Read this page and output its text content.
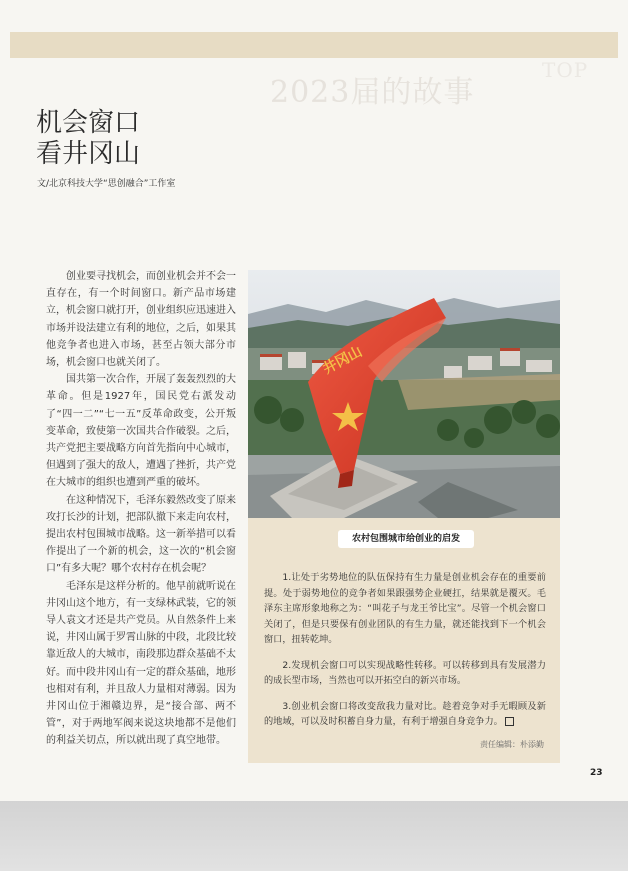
2023届的故事
TOP
机会窗口
看井冈山
文/北京科技大学“思创融合”工作室

创业要寻找机会，而创业机会并不会一直存在，有一个时间窗口。新产品市场建立，机会窗口就打开，创业组织应迅速进入市场并设法建立有利的地位，之后，如果其他竞争者也进入市场，甚至占领大部分市场，机会窗口也就关闭了。

国共第一次合作，开展了轰轰烈烈的大革命。但是1927年，国民党右派发动了“四一二”“七一五”反革命政变，公开叛变革命，致使第一次国共合作破裂。之后，共产党把主要战略方向首先指向中心城市，但遇到了强大的敌人，遭遇了挫折，共产党在大城市的组织也遭到严重的破坏。

在这种情况下，毛泽东毅然改变了原来攻打长沙的计划，把部队撤下来走向农村，提出农村包围城市战略。这一新举措可以看作提出了一个新的机会，这一次的“机会窗口”有多大呢？哪个农村存在机会呢？

毛泽东是这样分析的。他早前就听说在井冈山这个地方，有一支绿林武装，它的领导人袁文才还是共产党员。从自然条件上来说，井冈山属于罗霄山脉的中段，北段比较靠近敌人的大城市，南段那边群众基础不太好。而中段井冈山有一定的群众基础，地形也相对有利，并且敌人力量相对薄弱。因为井冈山位于湘赣边界，是“接合部、两不管”，对于两地军阀来说这块地都不是他们的利益关切点，所以就出现了真空地带。

井冈山
农村包围城市给创业的启发

1.让处于劣势地位的队伍保持有生力量是创业机会存在的重要前提。处于弱势地位的竞争者如果跟强势企业硬扛，结果就是覆灭。毛泽东主席形象地称之为：“叫花子与龙王爷比宝”。尽管一个机会窗口关闭了，但是只要保有创业团队的有生力量，就还能找到下一个机会窗口，扭转乾坤。

2.发现机会窗口可以实现战略性转移。可以转移到具有发展潜力的成长型市场，当然也可以开拓空白的新兴市场。

3.创业机会窗口将改变敌我力量对比。趁着竞争对手无暇顾及新的地域，可以及时积蓄自身力量，有利于增强自身竞争力。

责任编辑：朴添勤
23
